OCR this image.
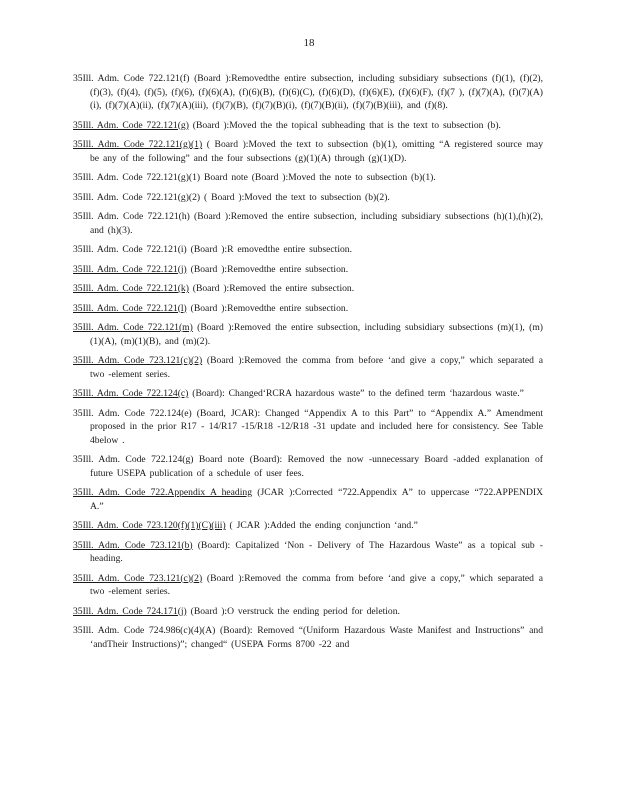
18

35Ill. Adm. Code 722.121(f) (Board ):Removedthe entire subsection, including subsidiary subsections (f)(1), (f)(2), (f)(3), (f)(4), (f)(5), (f)(6), (f)(6)(A), (f)(6)(B), (f)(6)(C), (f)(6)(D), (f)(6)(E), (f)(6)(F), (f)(7 ), (f)(7)(A), (f)(7)(A)(i), (f)(7)(A)(ii), (f)(7)(A)(iii), (f)(7)(B), (f)(7)(B)(i), (f)(7)(B)(ii), (f)(7)(B)(iii), and (f)(8).

35Ill. Adm. Code 722.121(g) (Board ):Moved the the topical subheading that is the text to subsection (b).

35Ill. Adm. Code 722.121(g)(1) ( Board ):Moved the text to subsection (b)(1), omitting “A registered source may be any of the following” and the four subsections (g)(1)(A) through (g)(1)(D).

35Ill. Adm. Code 722.121(g)(1) Board note (Board ):Moved the note to subsection (b)(1).

35Ill. Adm. Code 722.121(g)(2) ( Board ):Moved the text to subsection (b)(2).

35Ill. Adm. Code 722.121(h) (Board ):Removed the entire subsection, including subsidiary subsections (h)(1),(h)(2), and (h)(3).

35Ill. Adm. Code 722.121(i) (Board ):R emovedthe entire subsection.

35Ill. Adm. Code 722.121(j) (Board ):Removedthe entire subsection.

35Ill. Adm. Code 722.121(k) (Board ):Removed the entire subsection.

35Ill. Adm. Code 722.121(l) (Board ):Removedthe entire subsection.

35Ill. Adm. Code 722.121(m) (Board ):Removed the entire subsection, including subsidiary subsections (m)(1), (m)(1)(A), (m)(1)(B), and (m)(2).

35Ill. Adm. Code 723.121(c)(2) (Board ):Removed the comma from before ‘and give a copy,” which separated a two -element series.

35Ill. Adm. Code 722.124(c) (Board): Changed‘RCRA hazardous waste” to the defined term ‘hazardous waste.”

35Ill. Adm. Code 722.124(e) (Board, JCAR): Changed “Appendix A to this Part” to “Appendix A.” Amendment proposed in the prior R17 - 14/R17 -15/R18 -12/R18 -31 update and included here for consistency. See Table 4below .

35Ill. Adm. Code 722.124(g) Board note (Board): Removed the now -unnecessary Board -added explanation of future USEPA publication of a schedule of user fees.

35Ill. Adm. Code 722.Appendix A heading (JCAR ):Corrected “722.Appendix A” to uppercase “722.APPENDIX A.”

35Ill. Adm. Code 723.120(f)(1)(C)(iii) ( JCAR ):Added the ending conjunction ‘and.”

35Ill. Adm. Code 723.121(b) (Board): Capitalized ‘Non - Delivery of The Hazardous Waste” as a topical sub -heading.

35Ill. Adm. Code 723.121(c)(2) (Board ):Removed the comma from before ‘and give a copy,” which separated a two -element series.

35Ill. Adm. Code 724.171(j) (Board ):O verstruck the ending period for deletion.

35Ill. Adm. Code 724.986(c)(4)(A) (Board): Removed “(Uniform Hazardous Waste Manifest and Instructions” and ‘andTheir Instructions)”; changed“ (USEPA Forms 8700 -22 and
